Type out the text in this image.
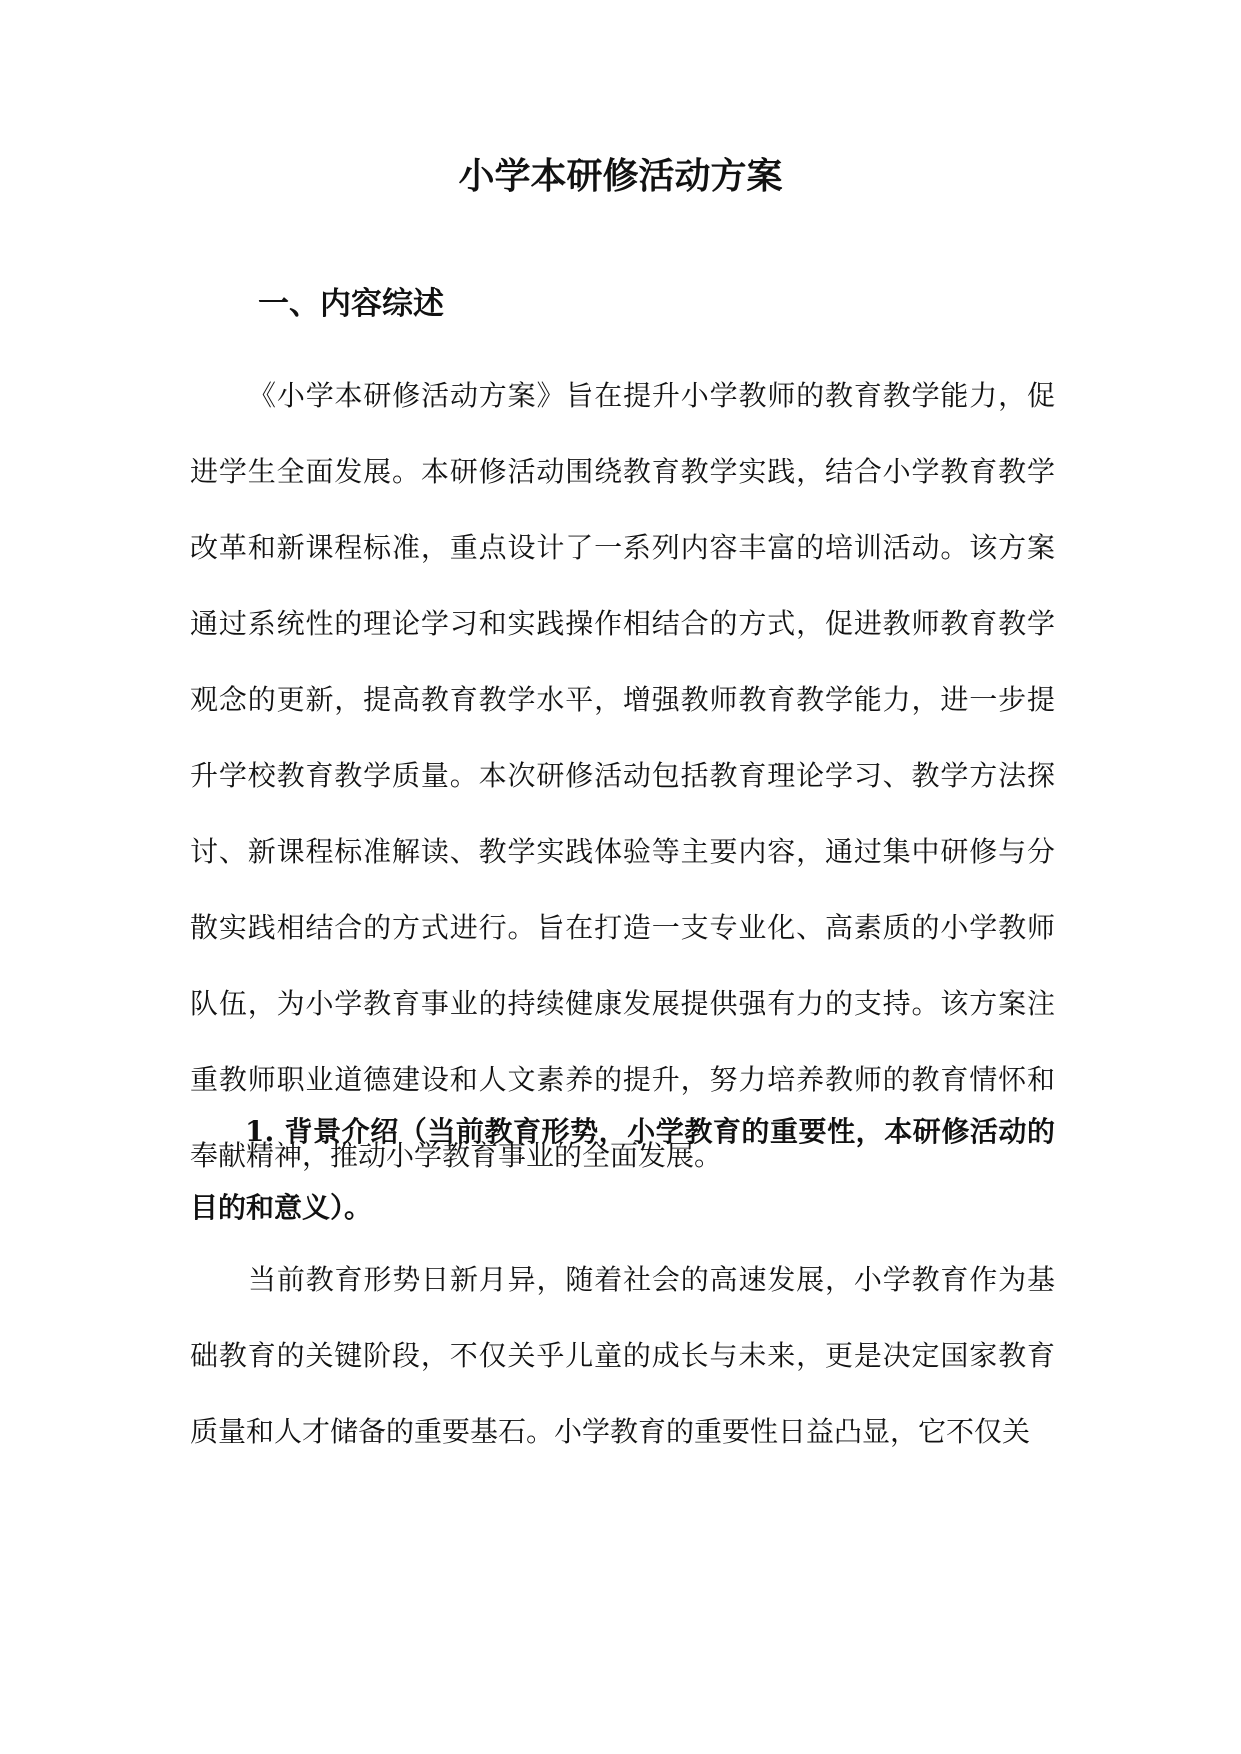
小学本研修活动方案
一、内容综述

《小学本研修活动方案》旨在提升小学教师的教育教学能力，促进学生全面发展。本研修活动围绕教育教学实践，结合小学教育教学改革和新课程标准，重点设计了一系列内容丰富的培训活动。该方案通过系统性的理论学习和实践操作相结合的方式，促进教师教育教学观念的更新，提高教育教学水平，增强教师教育教学能力，进一步提升学校教育教学质量。本次研修活动包括教育理论学习、教学方法探讨、新课程标准解读、教学实践体验等主要内容，通过集中研修与分散实践相结合的方式进行。旨在打造一支专业化、高素质的小学教师队伍，为小学教育事业的持续健康发展提供强有力的支持。该方案注重教师职业道德建设和人文素养的提升，努力培养教师的教育情怀和奉献精神，推动小学教育事业的全面发展。

1. 背景介绍（当前教育形势，小学教育的重要性，本研修活动的目的和意义）。

当前教育形势日新月异，随着社会的高速发展，小学教育作为基础教育的关键阶段，不仅关乎儿童的成长与未来，更是决定国家教育质量和人才储备的重要基石。小学教育的重要性日益凸显，它不仅关
